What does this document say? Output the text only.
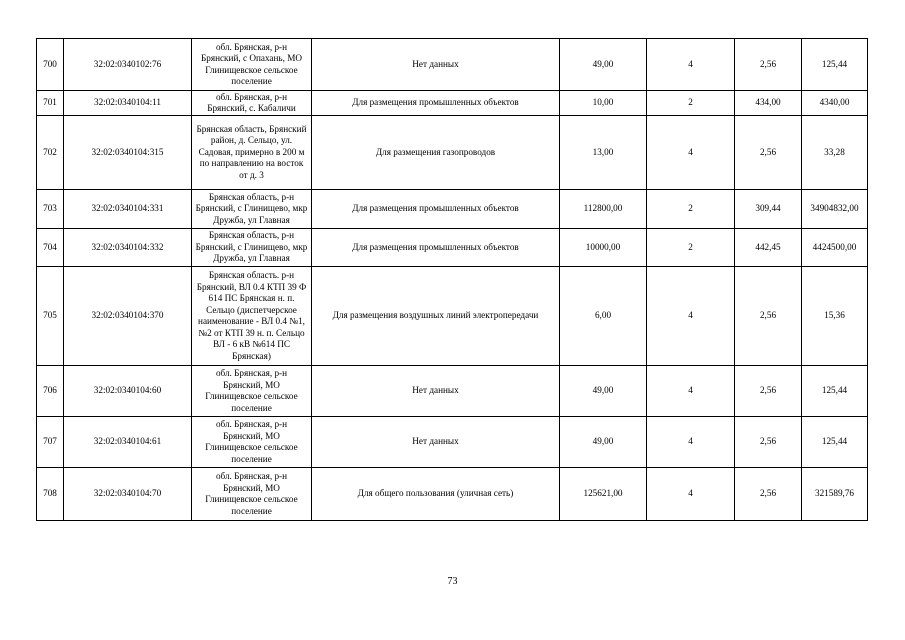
700	32:02:0340102:76	обл. Брянская, р-н Брянский, с Опахань, МО Глинищевское сельское поселение	Нет данных	49,00	4	2,56	125,44
701	32:02:0340104:11	обл. Брянская, р-н Брянский, с. Кабаличи	Для размещения промышленных объектов	10,00	2	434,00	4340,00
702	32:02:0340104:315	Брянская область, Брянский район, д. Сельцо, ул. Садовая, примерно в 200 м по направлению на восток от д. 3	Для размещения газопроводов	13,00	4	2,56	33,28
703	32:02:0340104:331	Брянская область, р-н Брянский, с Глинищево, мкр Дружба, ул Главная	Для размещения промышленных объектов	112800,00	2	309,44	34904832,00
704	32:02:0340104:332	Брянская область, р-н Брянский, с Глинищево, мкр Дружба, ул Главная	Для размещения промышленных объектов	10000,00	2	442,45	4424500,00
705	32:02:0340104:370	Брянская область. р-н Брянский, ВЛ 0.4 КТП 39 Ф 614 ПС Брянская н. п. Сельцо (диспетчерское наименование - ВЛ 0.4 №1, №2 от КТП 39 н. п. Сельцо ВЛ - 6 кВ №614 ПС Брянская)	Для размещения воздушных линий электропередачи	6,00	4	2,56	15,36
706	32:02:0340104:60	обл. Брянская, р-н Брянский, МО Глинищевское сельское поселение	Нет данных	49,00	4	2,56	125,44
707	32:02:0340104:61	обл. Брянская, р-н Брянский, МО Глинищевское сельское поселение	Нет данных	49,00	4	2,56	125,44
708	32:02:0340104:70	обл. Брянская, р-н Брянский, МО Глинищевское сельское поселение	Для общего пользования (уличная сеть)	125621,00	4	2,56	321589,76
73
